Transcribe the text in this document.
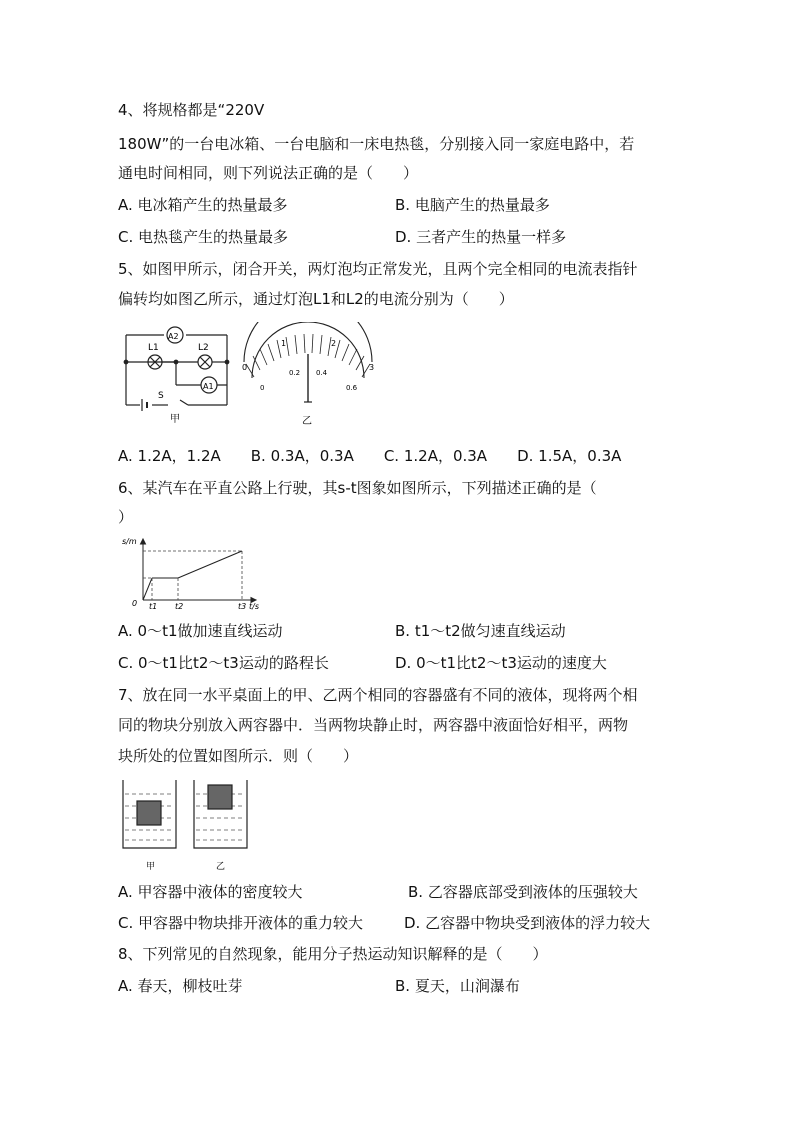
4、将规格都是“220V
180W”的一台电冰箱、一台电脑和一床电热毯，分别接入同一家庭电路中，若
通电时间相同，则下列说法正确的是（　　）
A. 电冰箱产生的热量最多	B. 电脑产生的热量最多
C. 电热毯产生的热量最多	D. 三者产生的热量一样多
5、如图甲所示，闭合开关，两灯泡均正常发光，且两个完全相同的电流表指针
偏转均如图乙所示，通过灯泡L1和L2的电流分别为（　　）
A2
A1
L1	L2
S
甲	乙
0
1	2
3
0
0.2 0.4
0.6
A. 1.2A，1.2A　　B. 0.3A，0.3A　　C. 1.2A，0.3A　　D. 1.5A，0.3A
6、某汽车在平直公路上行驶，其s-t图象如图所示，下列描述正确的是（
）
s/m
0 t1 t2	t3 t/s
A. 0～t1做加速直线运动	B. t1～t2做匀速直线运动
C. 0～t1比t2～t3运动的路程长	D. 0～t1比t2～t3运动的速度大
7、放在同一水平桌面上的甲、乙两个相同的容器盛有不同的液体，现将两个相
同的物块分别放入两容器中．当两物块静止时，两容器中液面恰好相平，两物
块所处的位置如图所示．则（　　）
甲	乙
A. 甲容器中液体的密度较大	B. 乙容器底部受到液体的压强较大
C. 甲容器中物块排开液体的重力较大	D. 乙容器中物块受到液体的浮力较大
8、下列常见的自然现象，能用分子热运动知识解释的是（　　）
A. 春天，柳枝吐芽	B. 夏天，山涧瀑布
